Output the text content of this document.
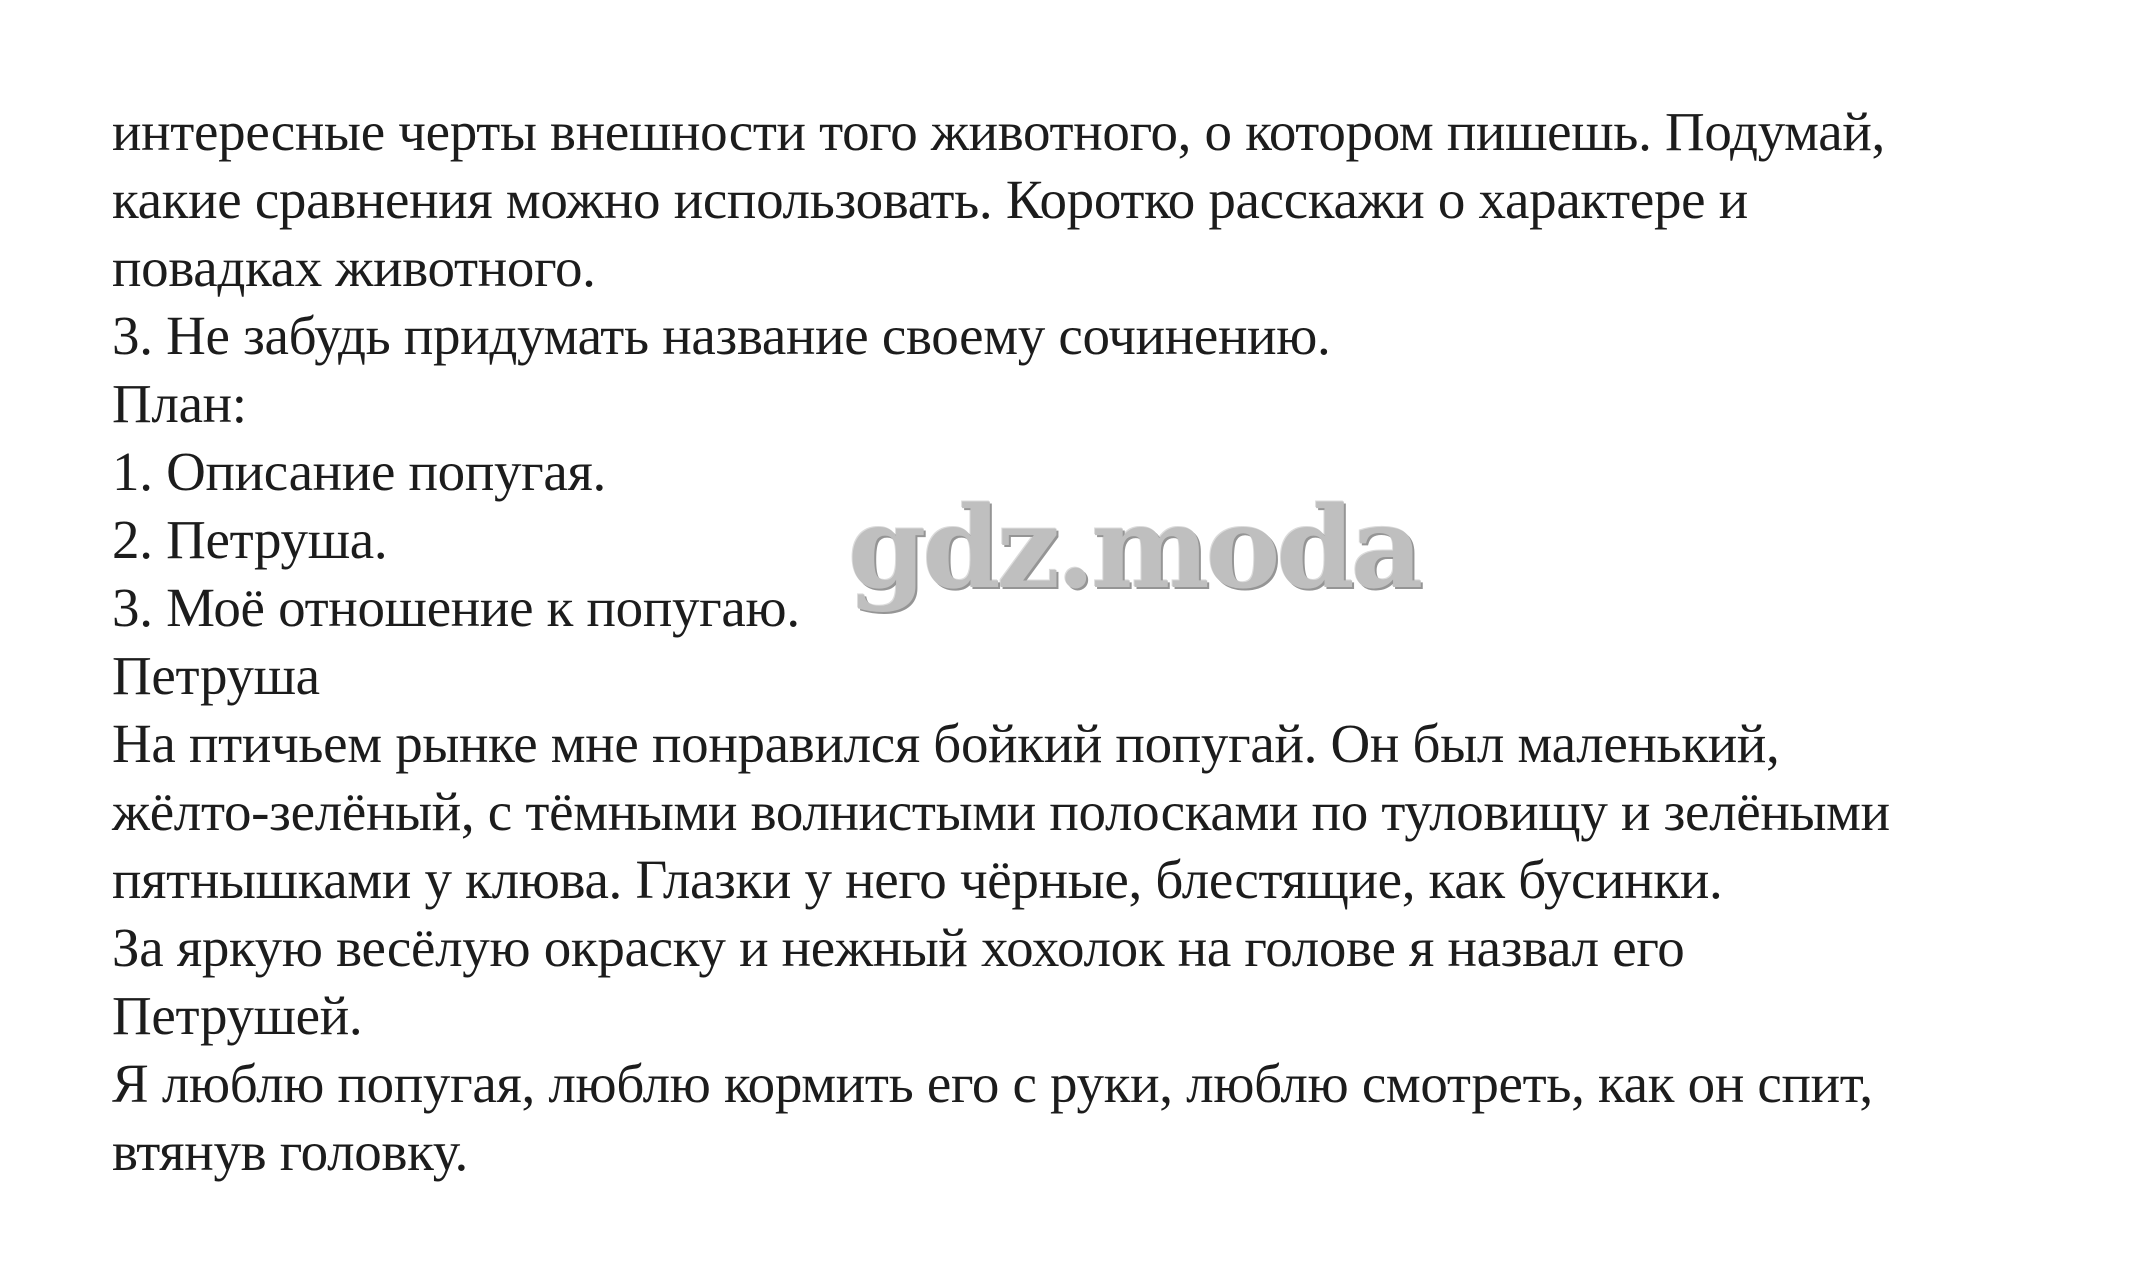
интересные черты внешности того животного, о котором пишешь. Подумай,
какие сравнения можно использовать. Коротко расскажи о характере и
повадках животного.
3. Не забудь придумать название своему сочинению.
План:
1. Описание попугая.
2. Петруша.
3. Моё отношение к попугаю.
Петруша
На птичьем рынке мне понравился бойкий попугай. Он был маленький,
жёлто-зелёный, с тёмными волнистыми полосками по туловищу и зелёными
пятнышками у клюва. Глазки у него чёрные, блестящие, как бусинки.
За яркую весёлую окраску и нежный хохолок на голове я назвал его
Петрушей.
Я люблю попугая, люблю кормить его с руки, люблю смотреть, как он спит,
втянув головку.
gdz.moda
